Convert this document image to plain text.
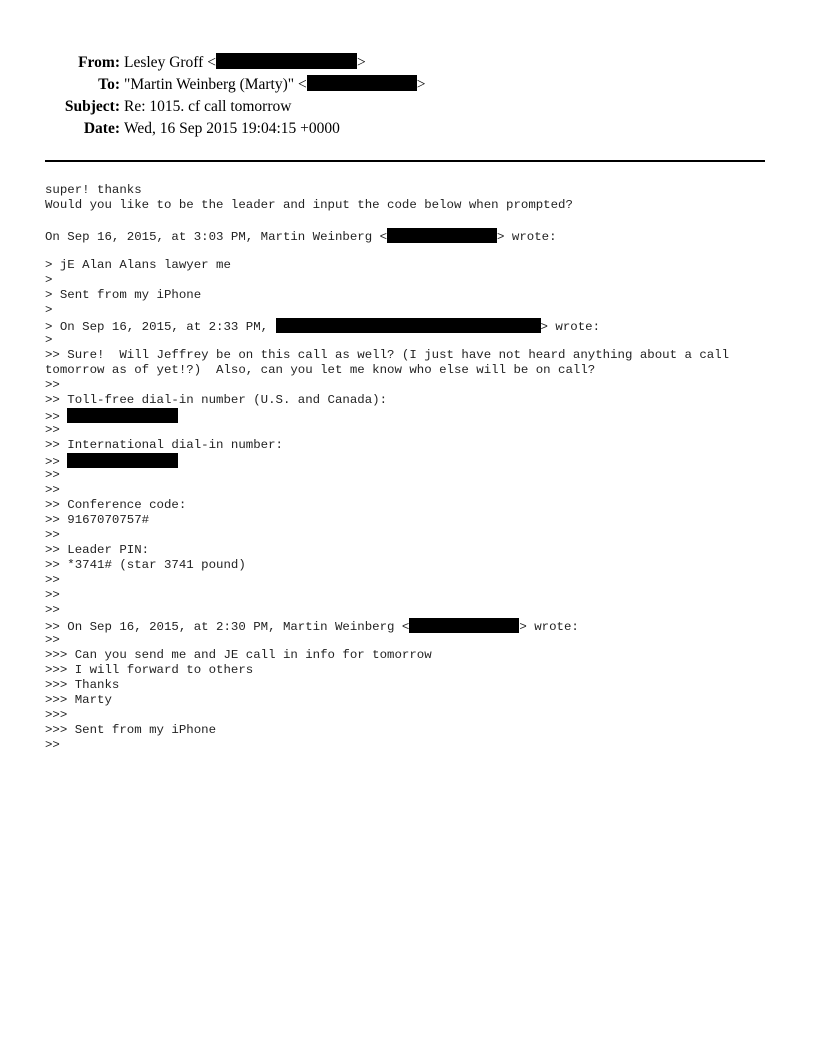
From: Lesley Groff <	>
To: "Martin Weinberg (Marty)" <	>
Subject: Re: 1015. cf call tomorrow
Date: Wed, 16 Sep 2015 19:04:15 +0000
super! thanks
Would you like to be the leader and input the code below when prompted?
On Sep 16, 2015, at 3:03 PM, Martin Weinberg <	> wrote:
> jE Alan Alans lawyer me
>
> Sent from my iPhone
>
> On Sep 16, 2015, at 2:33 PM,	> wrote:
>
>> Sure!  Will Jeffrey be on this call as well? (I just have not heard anything about a call
tomorrow as of yet!?)  Also, can you let me know who else will be on call?
>>
>> Toll-free dial-in number (U.S. and Canada):
>>
>>
>> International dial-in number:
>>
>>
>>
>> Conference code:
>> 9167070757#
>>
>> Leader PIN:
>> *3741# (star 3741 pound)
>>
>>
>>
>> On Sep 16, 2015, at 2:30 PM, Martin Weinberg <	> wrote:
>>
>>> Can you send me and JE call in info for tomorrow
>>> I will forward to others
>>> Thanks
>>> Marty
>>>
>>> Sent from my iPhone
>>
